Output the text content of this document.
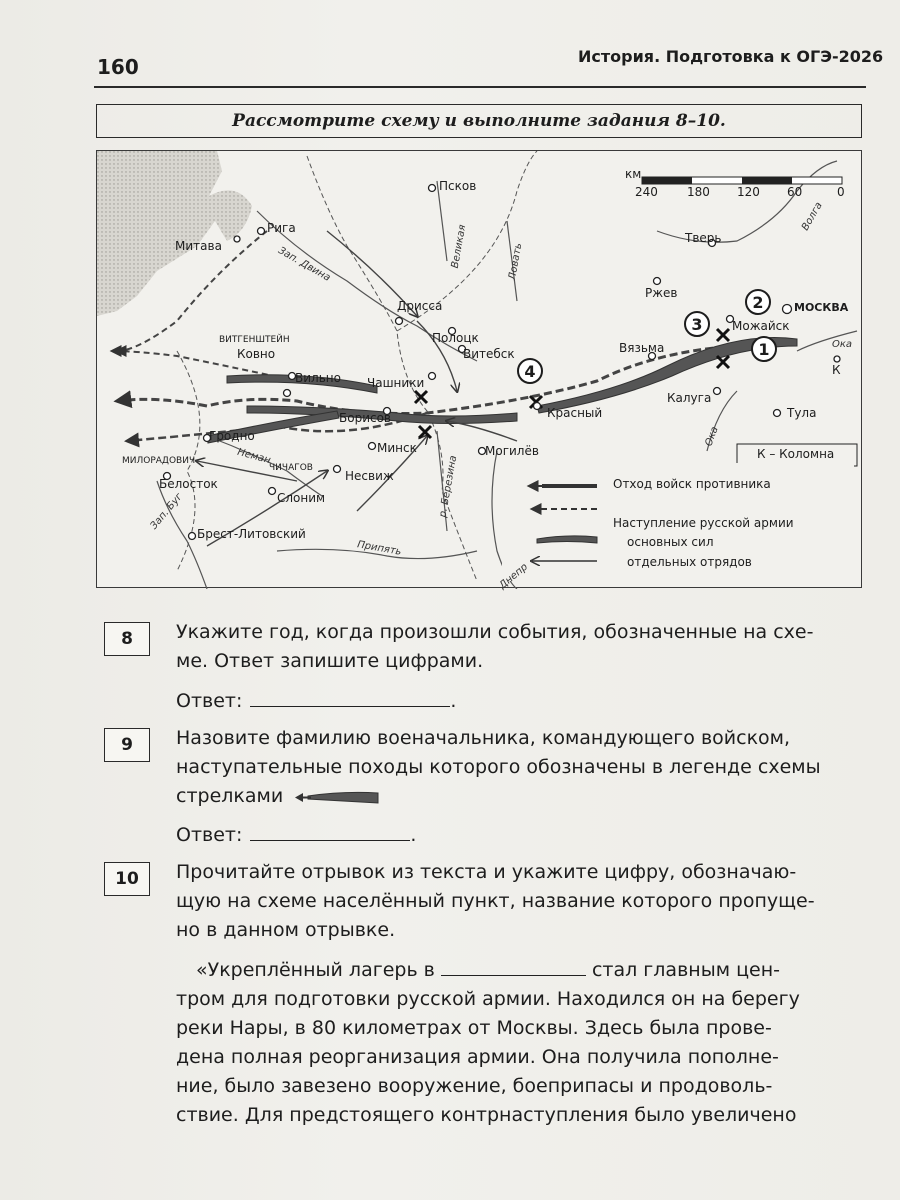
160	История. Подготовка к ОГЭ-2026
Рассмотрите схему и выполните задания 8–10.
км
240 180 120 60	0
Псков
Рига
Митава
Тверь
Ржев
МОСКВА
Можайск
Дрисса
Полоцк
Витебск	Вязьма
ВИТГЕНШТЕЙН
Ковно
Вильно Чашники
Калуга
Тула
К
Борисов	Красный
Гродно
Минск
МИЛОРАДОВИЧ
ЧИЧАГОВ
Белосток
Несвиж
Могилёв
Слоним
Брест-Литовский
Зап. Двина	Великая	Ловать
Волга
Ока
Ока
Неман
Зап. Буг	р. Березина
Припять
Днепр
1
2
3
4
К – Коломна
Отход войск противника
Наступление русской армии
основных сил
отдельных отрядов
8	Укажите год, когда произошли события, обозначенные на схе-
ме. Ответ запишите цифрами.
Ответ:	.
9	Назовите фамилию военачальника, командующего войском,
наступательные походы которого обозначены в легенде схемы
стрелками
Ответ:	.
10	Прочитайте отрывок из текста и укажите цифру, обозначаю-
щую на схеме населённый пункт, название которого пропуще-
но в данном отрывке.
«Укреплённый лагерь в	стал главным цен-
тром для подготовки русской армии. Находился он на берегу
реки Нары, в 80 километрах от Москвы. Здесь была прове-
дена полная реорганизация армии. Она получила пополне-
ние, было завезено вооружение, боеприпасы и продоволь-
ствие. Для предстоящего контрнаступления было увеличено
